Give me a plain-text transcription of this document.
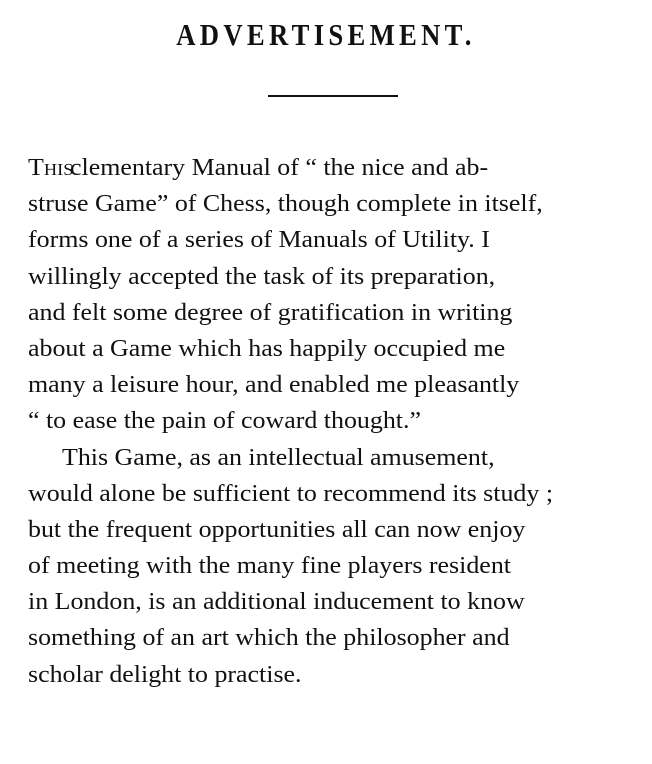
ADVERTISEMENT.
Thisclementary Manual of “ the nice and ab-
struse Game” of Chess, though complete in itself,
forms one of a series of Manuals of Utility. I
willingly accepted the task of its preparation,
and felt some degree of gratification in writing
about a Game which has happily occupied me
many a leisure hour, and enabled me pleasantly
“ to ease the pain of coward thought.”
This Game, as an intellectual amusement,
would alone be sufficient to recommend its study ;
but the frequent opportunities all can now enjoy
of meeting with the many fine players resident
in London, is an additional inducement to know
something of an art which the philosopher and
scholar delight to practise.
